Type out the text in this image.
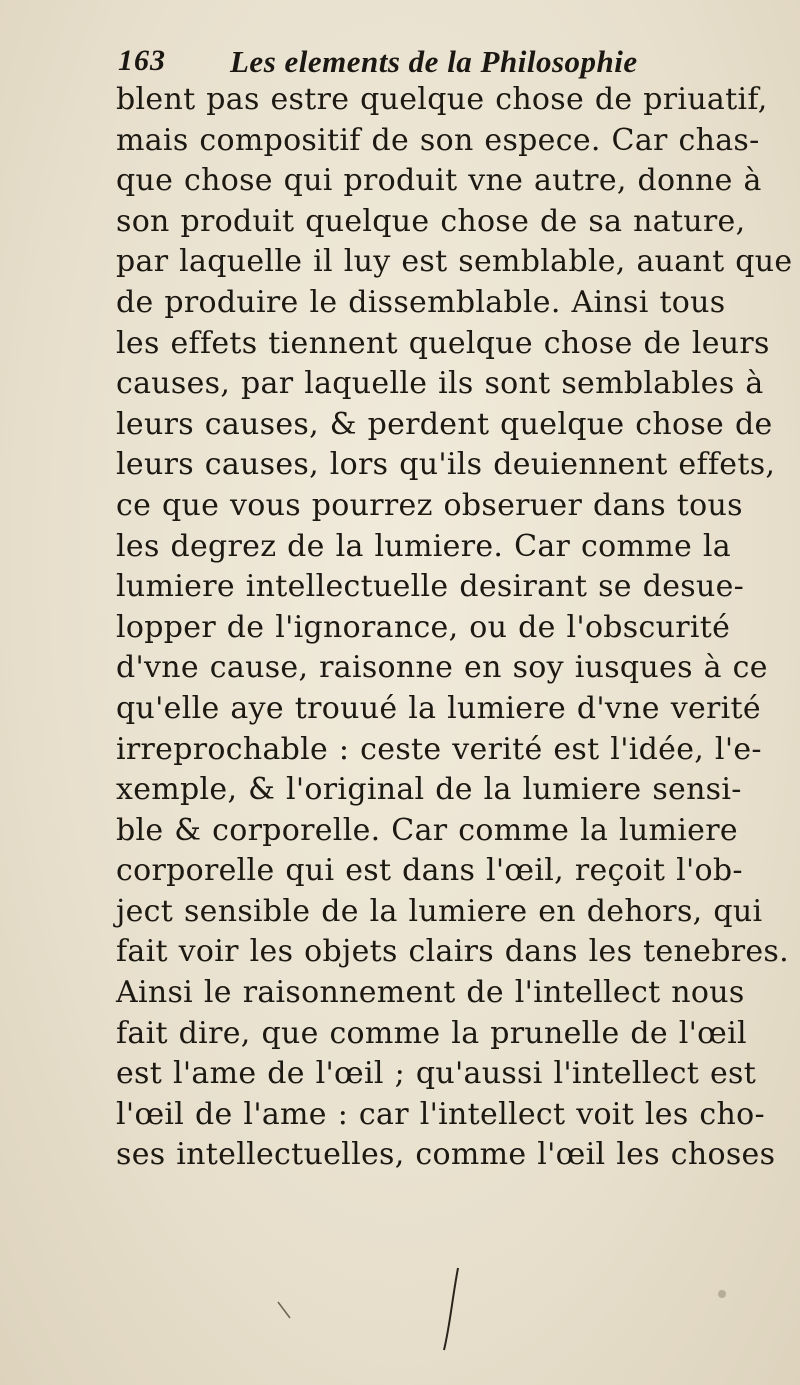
163 Les elements de la Philosophie
blent pas estre quelque chose de priuatif,
mais compositif de son espece. Car chas-
que chose qui produit vne autre, donne à
son produit quelque chose de sa nature,
par laquelle il luy est semblable, auant que
de produire le dissemblable. Ainsi tous
les effets tiennent quelque chose de leurs
causes, par laquelle ils sont semblables à
leurs causes, & perdent quelque chose de
leurs causes, lors qu'ils deuiennent effets,
ce que vous pourrez obseruer dans tous
les degrez de la lumiere. Car comme la
lumiere intellectuelle desirant se desue-
lopper de l'ignorance, ou de l'obscurité
d'vne cause, raisonne en soy iusques à ce
qu'elle aye trouué la lumiere d'vne verité
irreprochable : ceste verité est l'idée, l'e-
xemple, & l'original de la lumiere sensi-
ble & corporelle. Car comme la lumiere
corporelle qui est dans l'œil, reçoit l'ob-
ject sensible de la lumiere en dehors, qui
fait voir les objets clairs dans les tenebres.
Ainsi le raisonnement de l'intellect nous
fait dire, que comme la prunelle de l'œil
est l'ame de l'œil ; qu'aussi l'intellect est
l'œil de l'ame : car l'intellect voit les cho-
ses intellectuelles, comme l'œil les choses
